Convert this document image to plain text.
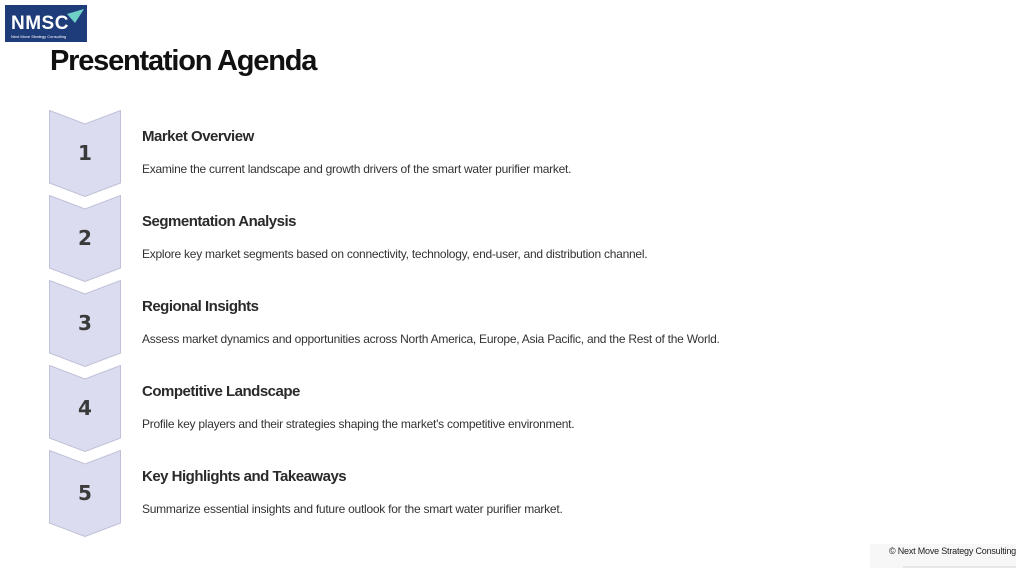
NMSC
Next Move Strategy Consulting
Presentation Agenda
1
Market Overview
Examine the current landscape and growth drivers of the smart water purifier market.
2
Segmentation Analysis
Explore key market segments based on connectivity, technology, end-user, and distribution channel.
3
Regional Insights
Assess market dynamics and opportunities across North America, Europe, Asia Pacific, and the Rest of the World.
4
Competitive Landscape
Profile key players and their strategies shaping the market's competitive environment.
5
Key Highlights and Takeaways
Summarize essential insights and future outlook for the smart water purifier market.
© Next Move Strategy Consulting
